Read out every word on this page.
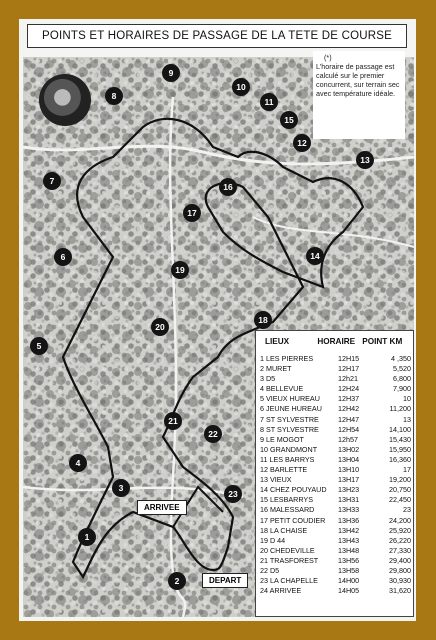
POINTS ET HORAIRES DE PASSAGE DE LA TETE DE COURSE
(*)
L’horaire de passage est calculé sur le premier concurrent, sur terrain sec avec température idéale.
1
2
3
4
5
6
7
8
9
10
11
12
13
14
15
16
17
18
19
20
21
22
23
ARRIVEE
DEPART
LIEUX	HORAIRE POINT KM
1 LES PIERRES	12H15	4 ,350
2 MURET	12H17	5,520
3 D5	12h21	6,800
4 BELLEVUE	12H24	7,900
5 VIEUX HUREAU	12H37	10
6 JEUNE HUREAU	12H42	11,200
7 ST SYLVESTRE	12H47	13
8 ST SYLVESTRE	12H54	14,100
9 LE MOGOT	12h57	15,430
10 GRANDMONT	13H02	15,950
11 LES BARRYS	13H04	16,360
12 BARLETTE	13H10	17
13 VIEUX	13H17	19,200
14 CHEZ POUYAUD	13H23	20,750
15 LESBARRYS	13H31	22,450
16 MALESSARD	13H33	23
17 PETIT COUDIER	13H36	24,200
18 LA CHAISE	13H42	25,920
19 D 44	13H43	26,220
20 CHEDEVILLE	13H48	27,330
21 TRASFOREST	13H56	29,400
22 D5	13H58	29,800
23 LA CHAPELLE	14H00	30,930
24 ARRIVEE	14H05	31,620
